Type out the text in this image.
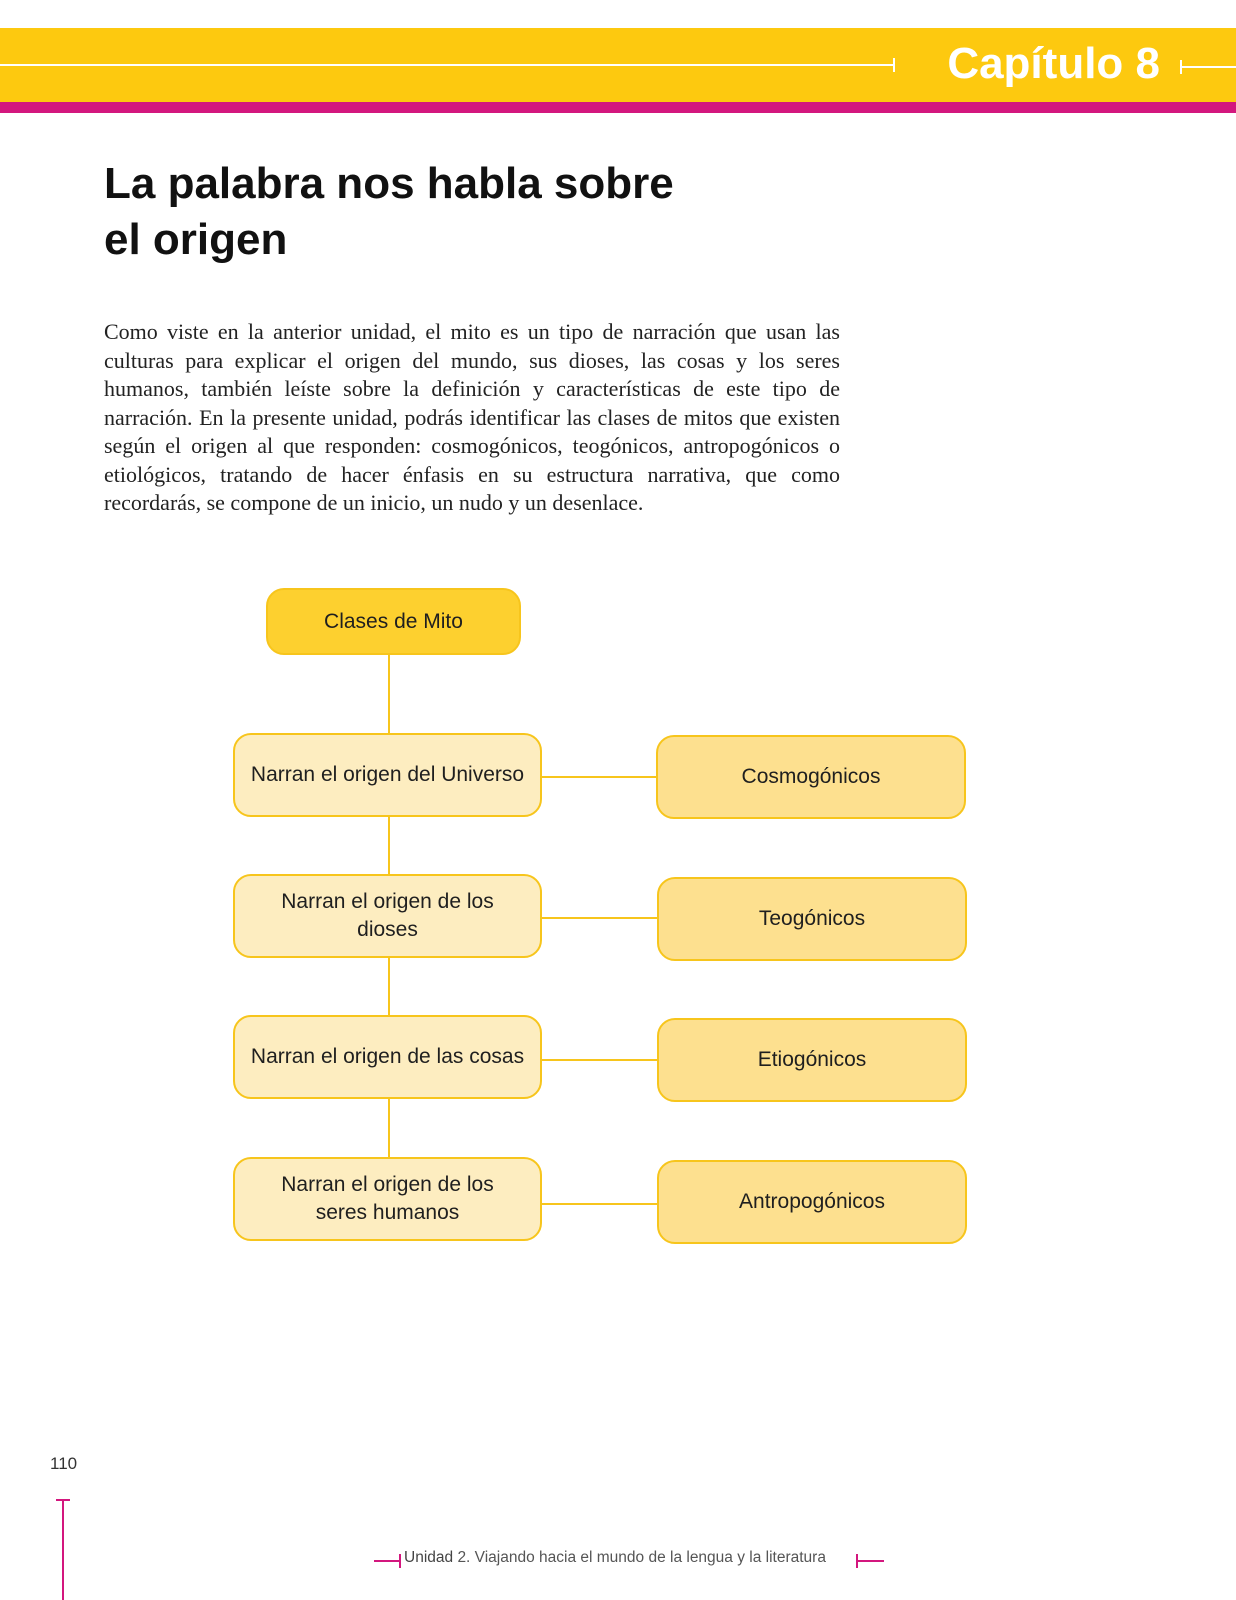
Capítulo 8
La palabra nos habla sobre
el origen

Como viste en la anterior unidad, el mito es un tipo de narración que usan las culturas para explicar el origen del mundo, sus dioses, las cosas y los seres humanos, también leíste sobre la definición y características de este tipo de narración. En la presente unidad, podrás identificar las clases de mitos que existen según el origen al que responden: cosmogónicos, teogónicos, antropogónicos o etiológicos, tratando de hacer énfasis en su estructura narrativa, que como recordarás, se compone de un inicio, un nudo y un desenlace.

Clases de Mito
Narran el origen del Universo	Cosmogónicos
Narran el origen de los dioses	Teogónicos
Narran el origen de las cosas	Etiogónicos
Narran el origen de los seres humanos	Antropogónicos
110
Unidad 2. Viajando hacia el mundo de la lengua y la literatura
